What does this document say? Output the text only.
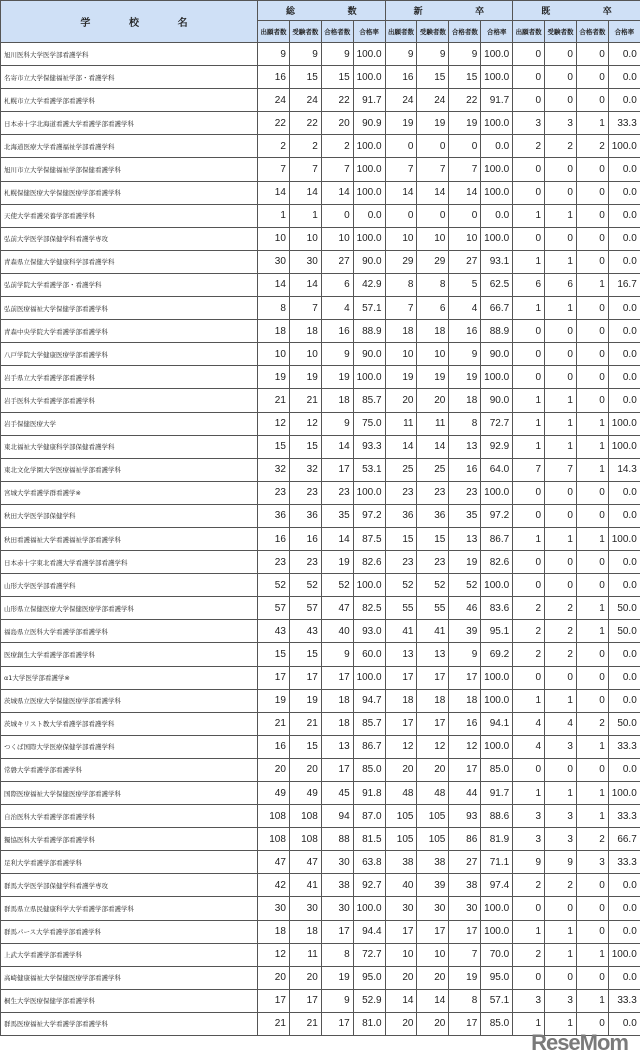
学 校 名	総 数				新 卒				既 卒			

	出願者数	受験者数	合格者数	合格率	出願者数	受験者数	合格者数	合格率	出願者数	受験者数	合格者数	合格率
旭川医科大学医学部看護学科	9	9	9	100.0	9	9	9	100.0	0	0	0	0.0
名寄市立大学保健福祉学部・看護学科	16	15	15	100.0	16	15	15	100.0	0	0	0	0.0
札幌市立大学看護学部看護学科	24	24	22	91.7	24	24	22	91.7	0	0	0	0.0
日本赤十字北海道看護大学看護学部看護学科	22	22	20	90.9	19	19	19	100.0	3	3	1	33.3
北海道医療大学看護福祉学部看護学科	2	2	2	100.0	0	0	0	0.0	2	2	2	100.0
旭川市立大学保健福祉学部保健看護学科	7	7	7	100.0	7	7	7	100.0	0	0	0	0.0
札幌保健医療大学保健医療学部看護学科	14	14	14	100.0	14	14	14	100.0	0	0	0	0.0
天使大学看護栄養学部看護学科	1	1	0	0.0	0	0	0	0.0	1	1	0	0.0
弘前大学医学部保健学科看護学専攻	10	10	10	100.0	10	10	10	100.0	0	0	0	0.0
青森県立保健大学健康科学部看護学科	30	30	27	90.0	29	29	27	93.1	1	1	0	0.0
弘前学院大学看護学部・看護学科	14	14	6	42.9	8	8	5	62.5	6	6	1	16.7
弘前医療福祉大学保健学部看護学科	8	7	4	57.1	7	6	4	66.7	1	1	0	0.0
青森中央学院大学看護学部看護学科	18	18	16	88.9	18	18	16	88.9	0	0	0	0.0
八戸学院大学健康医療学部看護学科	10	10	9	90.0	10	10	9	90.0	0	0	0	0.0
岩手県立大学看護学部看護学科	19	19	19	100.0	19	19	19	100.0	0	0	0	0.0
岩手医科大学看護学部看護学科	21	21	18	85.7	20	20	18	90.0	1	1	0	0.0
岩手保健医療大学	12	12	9	75.0	11	11	8	72.7	1	1	1	100.0
東北福祉大学健康科学部保健看護学科	15	15	14	93.3	14	14	13	92.9	1	1	1	100.0
東北文化学園大学医療福祉学部看護学科	32	32	17	53.1	25	25	16	64.0	7	7	1	14.3
宮城大学看護学群看護学※	23	23	23	100.0	23	23	23	100.0	0	0	0	0.0
秋田大学医学部保健学科	36	36	35	97.2	36	36	35	97.2	0	0	0	0.0
秋田看護福祉大学看護福祉学部看護学科	16	16	14	87.5	15	15	13	86.7	1	1	1	100.0
日本赤十字東北看護大学看護学部看護学科	23	23	19	82.6	23	23	19	82.6	0	0	0	0.0
山形大学医学部看護学科	52	52	52	100.0	52	52	52	100.0	0	0	0	0.0
山形県立保健医療大学保健医療学部看護学科	57	57	47	82.5	55	55	46	83.6	2	2	1	50.0
福島県立医科大学看護学部看護学科	43	43	40	93.0	41	41	39	95.1	2	2	1	50.0
医療創生大学看護学部看護学科	15	15	9	60.0	13	13	9	69.2	2	2	0	0.0
α1大学医学部看護学※	17	17	17	100.0	17	17	17	100.0	0	0	0	0.0
茨城県立医療大学保健医療学部看護学科	19	19	18	94.7	18	18	18	100.0	1	1	0	0.0
茨城キリスト教大学看護学部看護学科	21	21	18	85.7	17	17	16	94.1	4	4	2	50.0
つくば国際大学医療保健学部看護学科	16	15	13	86.7	12	12	12	100.0	4	3	1	33.3
常磐大学看護学部看護学科	20	20	17	85.0	20	20	17	85.0	0	0	0	0.0
国際医療福祉大学保健医療学部看護学科	49	49	45	91.8	48	48	44	91.7	1	1	1	100.0
自治医科大学看護学部看護学科	108	108	94	87.0	105	105	93	88.6	3	3	1	33.3
獨協医科大学看護学部看護学科	108	108	88	81.5	105	105	86	81.9	3	3	2	66.7
足利大学看護学部看護学科	47	47	30	63.8	38	38	27	71.1	9	9	3	33.3
群馬大学医学部保健学科看護学専攻	42	41	38	92.7	40	39	38	97.4	2	2	0	0.0
群馬県立県民健康科学大学看護学部看護学科	30	30	30	100.0	30	30	30	100.0	0	0	0	0.0
群馬パース大学看護学部看護学科	18	18	17	94.4	17	17	17	100.0	1	1	0	0.0
上武大学看護学部看護学科	12	11	8	72.7	10	10	7	70.0	2	1	1	100.0
高崎健康福祉大学保健医療学部看護学科	20	20	19	95.0	20	20	19	95.0	0	0	0	0.0
桐生大学医療保健学部看護学科	17	17	9	52.9	14	14	8	57.1	3	3	1	33.3
群馬医療福祉大学看護学部看護学科	21	21	17	81.0	20	20	17	85.0	1	1	0	0.0
ReseMom
